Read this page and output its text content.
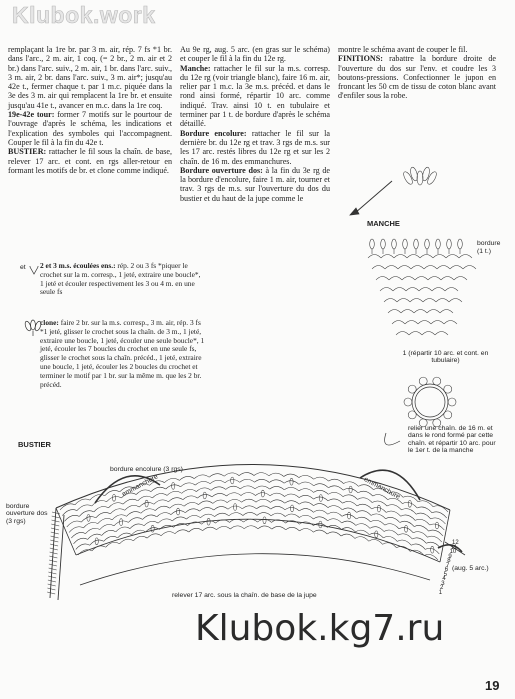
Klubok.work
Klubok.kg7.ru
19

remplaçant la 1re br. par 3 m. air, rép. 7 fs *1 br. dans l'arc., 2 m. air, 1 coq. (= 2 br., 2 m. air et 2 br.) dans l'arc. suiv., 2 m. air, 1 br. dans l'arc. suiv., 3 m. air, 2 br. dans l'arc. suiv., 3 m. air*; jusqu'au 42e t., fermer chaque t. par 1 m.c. piquée dans la 3e des 3 m. air qui remplacent la 1re br. et ensuite jusqu'au 41e t., avancer en m.c. dans la 1re coq.

19e-42e tour: former 7 motifs sur le pourtour de l'ouvrage d'après le schéma, les indications et l'explication des symboles qui l'accompagnent. Couper le fil à la fin du 42e t.

BUSTIER: rattacher le fil sous la chaîn. de base, relever 17 arc. et cont. en rgs aller-retour en formant les motifs de br. et clone comme indiqué.

Au 9e rg, aug. 5 arc. (en gras sur le schéma) et couper le fil à la fin du 12e rg.

Manche: rattacher le fil sur la m.s. corresp. du 12e rg (voir triangle blanc), faire 16 m. air, relier par 1 m.c. la 3e m.s. précéd. et dans le rond ainsi formé, répartir 10 arc. comme indiqué. Trav. ainsi 10 t. en tubulaire et terminer par 1 t. de bordure d'après le schéma détaillé.

Bordure encolure: rattacher le fil sur la dernière br. du 12e rg et trav. 3 rgs de m.s. sur les 17 arc. restés libres du 12e rg et sur les 2 chaîn. de 16 m. des emmanchures.

Bordure ouverture dos: à la fin du 3e rg de la bordure d'encolure, faire 1 m. air, tourner et trav. 3 rgs de m.s. sur l'ouverture du dos du bustier et du haut de la jupe comme le

montre le schéma avant de couper le fil.

FINITIONS: rabattre la bordure droite de l'ouverture du dos sur l'env. et coudre les 3 boutons-pressions. Confectionner le jupon en froncant les 50 cm de tissu de coton blanc avant d'enfiler sous la robe.

2 et 3 m.s. écoulées ens.: rép. 2 ou 3 fs *piquer le crochet sur la m. corresp., 1 jeté, extraire une boucle*, 1 jeté et écouler respectivement les 3 ou 4 m. en une seule fs
et
clone: faire 2 br. sur la m.s. corresp., 3 m. air, rép. 3 fs *1 jeté, glisser le crochet sous la chaîn. de 3 m., 1 jeté, extraire une boucle, 1 jeté, écouler une seule boucle*, 1 jeté, écouler les 7 boucles du crochet en une seule fs, glisser le crochet sous la chaîn. précéd., 1 jeté, extraire une boucle, 1 jeté, écouler les 2 boucles du crochet et terminer le motif par 1 br. sur la même m. que les 2 br. précéd.
MANCHE
bordure
(1 t.)
1 (répartir 10 arc. et cont. en tubulaire)
relier une chaîn. de 16 m. et dans le rond formé par cette chaîn. et répartir 10 arc. pour le 1er t. de la manche
BUSTIER
bordure encolure (3 rgs)
emmanchure	emmanchure
bordure ouverture dos (3 rgs)
relever 17 arc. sous la chaîn. de base de la jupe
(aug. 5 arc.)
12
11
10
9
8
7
6
5
4
3
2
1
